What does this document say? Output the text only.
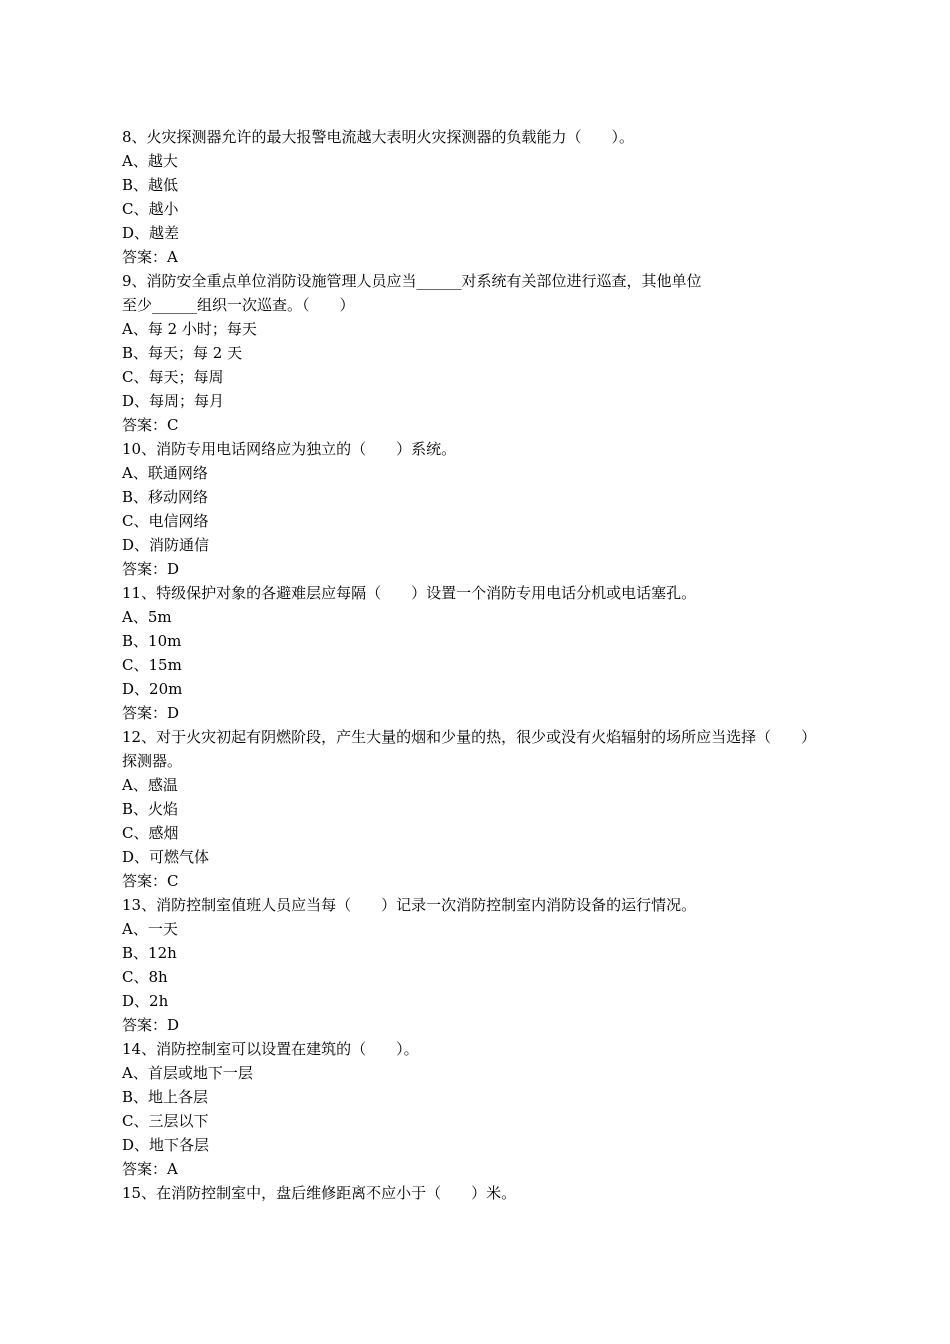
8、火灾探测器允许的最大报警电流越大表明火灾探测器的负载能力（　　）。
A、越大
B、越低
C、越小
D、越差
答案：A
9、消防安全重点单位消防设施管理人员应当______对系统有关部位进行巡查，其他单位
至少______组织一次巡查。（　　）
A、每 2 小时；每天
B、每天；每 2 天
C、每天；每周
D、每周；每月
答案：C
10、消防专用电话网络应为独立的（　　）系统。
A、联通网络
B、移动网络
C、电信网络
D、消防通信
答案：D
11、特级保护对象的各避难层应每隔（　　）设置一个消防专用电话分机或电话塞孔。
A、5m
B、10m
C、15m
D、20m
答案：D
12、对于火灾初起有阴燃阶段，产生大量的烟和少量的热，很少或没有火焰辐射的场所应当选择（　　）
探测器。
A、感温
B、火焰
C、感烟
D、可燃气体
答案：C
13、消防控制室值班人员应当每（　　）记录一次消防控制室内消防设备的运行情况。
A、一天
B、12h
C、8h
D、2h
答案：D
14、消防控制室可以设置在建筑的（　　）。
A、首层或地下一层
B、地上各层
C、三层以下
D、地下各层
答案：A
15、在消防控制室中，盘后维修距离不应小于（　　）米。
